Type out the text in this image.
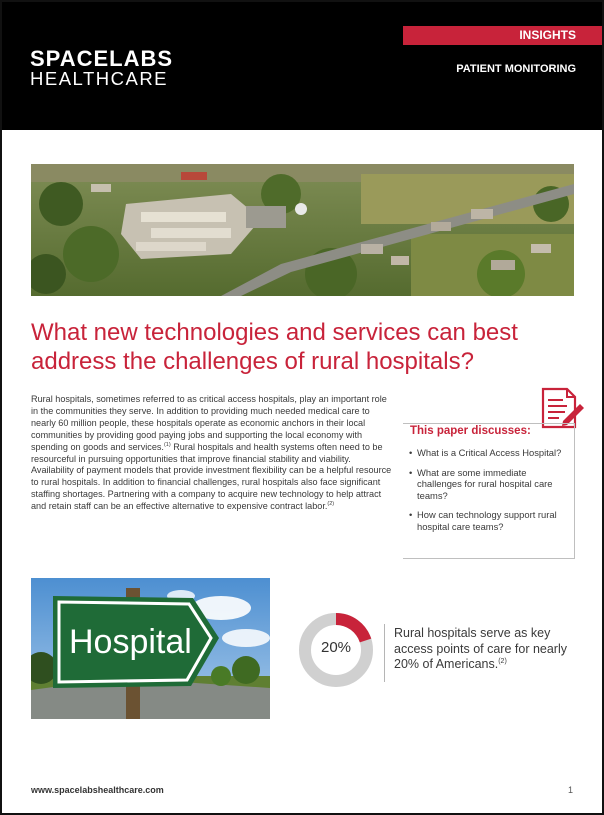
SPACELABS
HEALTHCARE
INSIGHTS
PATIENT MONITORING
What new technologies and services can best address the challenges of rural hospitals?
Rural hospitals, sometimes referred to as critical access hospitals, play an important role in the communities they serve. In addition to providing much needed medical care to nearly 60 million people, these hospitals operate as economic anchors in their local communities by providing good paying jobs and supporting the local economy with spending on goods and services.$^{(1)}$ Rural hospitals and health systems often need to be resourceful in pursuing opportunities that improve financial stability and viability. Availability of payment models that provide investment flexibility can be a helpful resource to rural hospitals. In addition to financial challenges, rural hospitals also face significant staffing shortages. Partnering with a company to acquire new technology to help attract and retain staff can be an effective alternative to expensive contract labor.$^{(2)}$
This paper discusses:
• What is a Critical Access Hospital?
• What are some immediate challenges for rural hospital care teams?
• How can technology support rural hospital care teams?
Hospital	20%
Rural hospitals serve as key access points of care for nearly 20% of Americans.$^{(2)}$
www.spacelabshealthcare.com	1
